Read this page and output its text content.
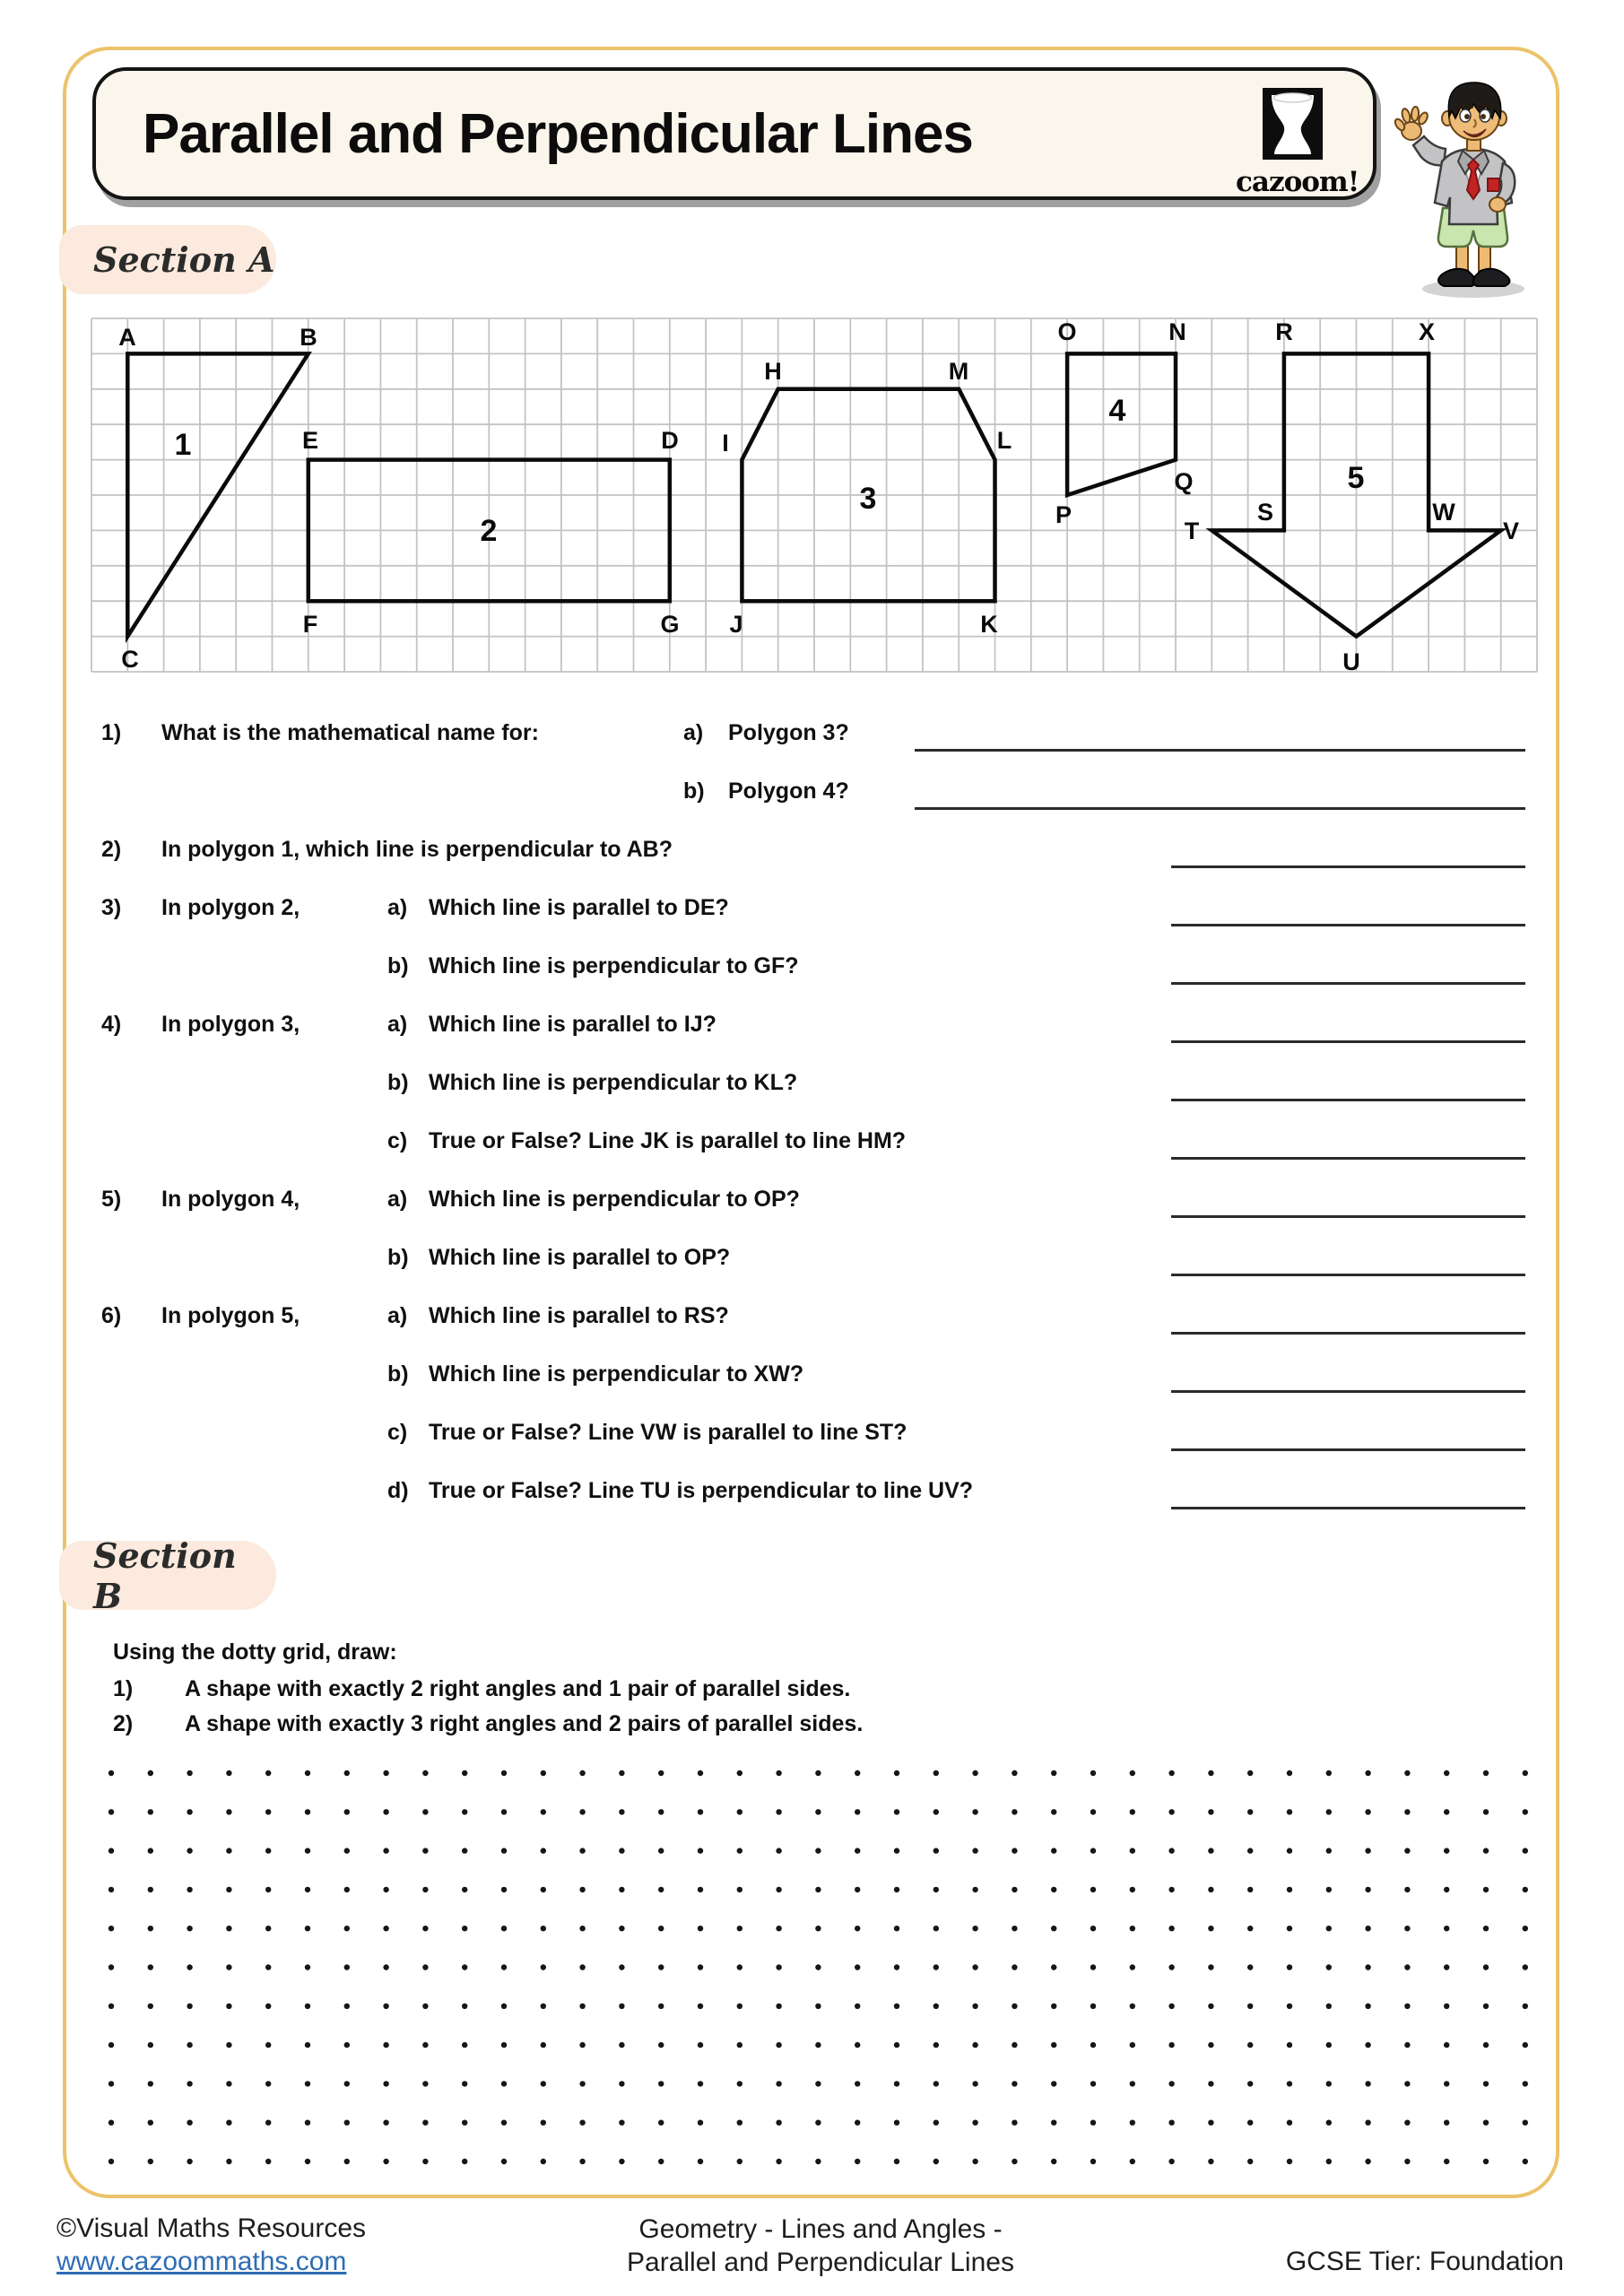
Parallel and Perpendicular Lines
cazoom!
Section A
A	B
C
1	E	D
G
F
2
H	M
L
K
J
I
3
O	N
Q
P
4
R	X
S	W
T	V
U
5
1) What is the mathematical name for:	a) Polygon 3?
b) Polygon 4?
2) In polygon 1, which line is perpendicular to AB?
3) In polygon 2,	a) Which line is parallel to DE?
b) Which line is perpendicular to GF?
4) In polygon 3,	a) Which line is parallel to IJ?
b) Which line is perpendicular to KL?
c) True or False? Line JK is parallel to line HM?
5) In polygon 4,	a) Which line is perpendicular to OP?
b) Which line is parallel to OP?
6) In polygon 5,	a) Which line is parallel to RS?
b) Which line is perpendicular to XW?
c) True or False? Line VW is parallel to line ST?
d) True or False? Line TU is perpendicular to line UV?
Section B
Using the dotty grid, draw:
1) A shape with exactly 2 right angles and 1 pair of parallel sides.
2) A shape with exactly 3 right angles and 2 pairs of parallel sides.
©Visual Maths Resources
www.cazoommaths.com
Geometry - Lines and Angles -
Parallel and Perpendicular Lines	GCSE Tier: Foundation
